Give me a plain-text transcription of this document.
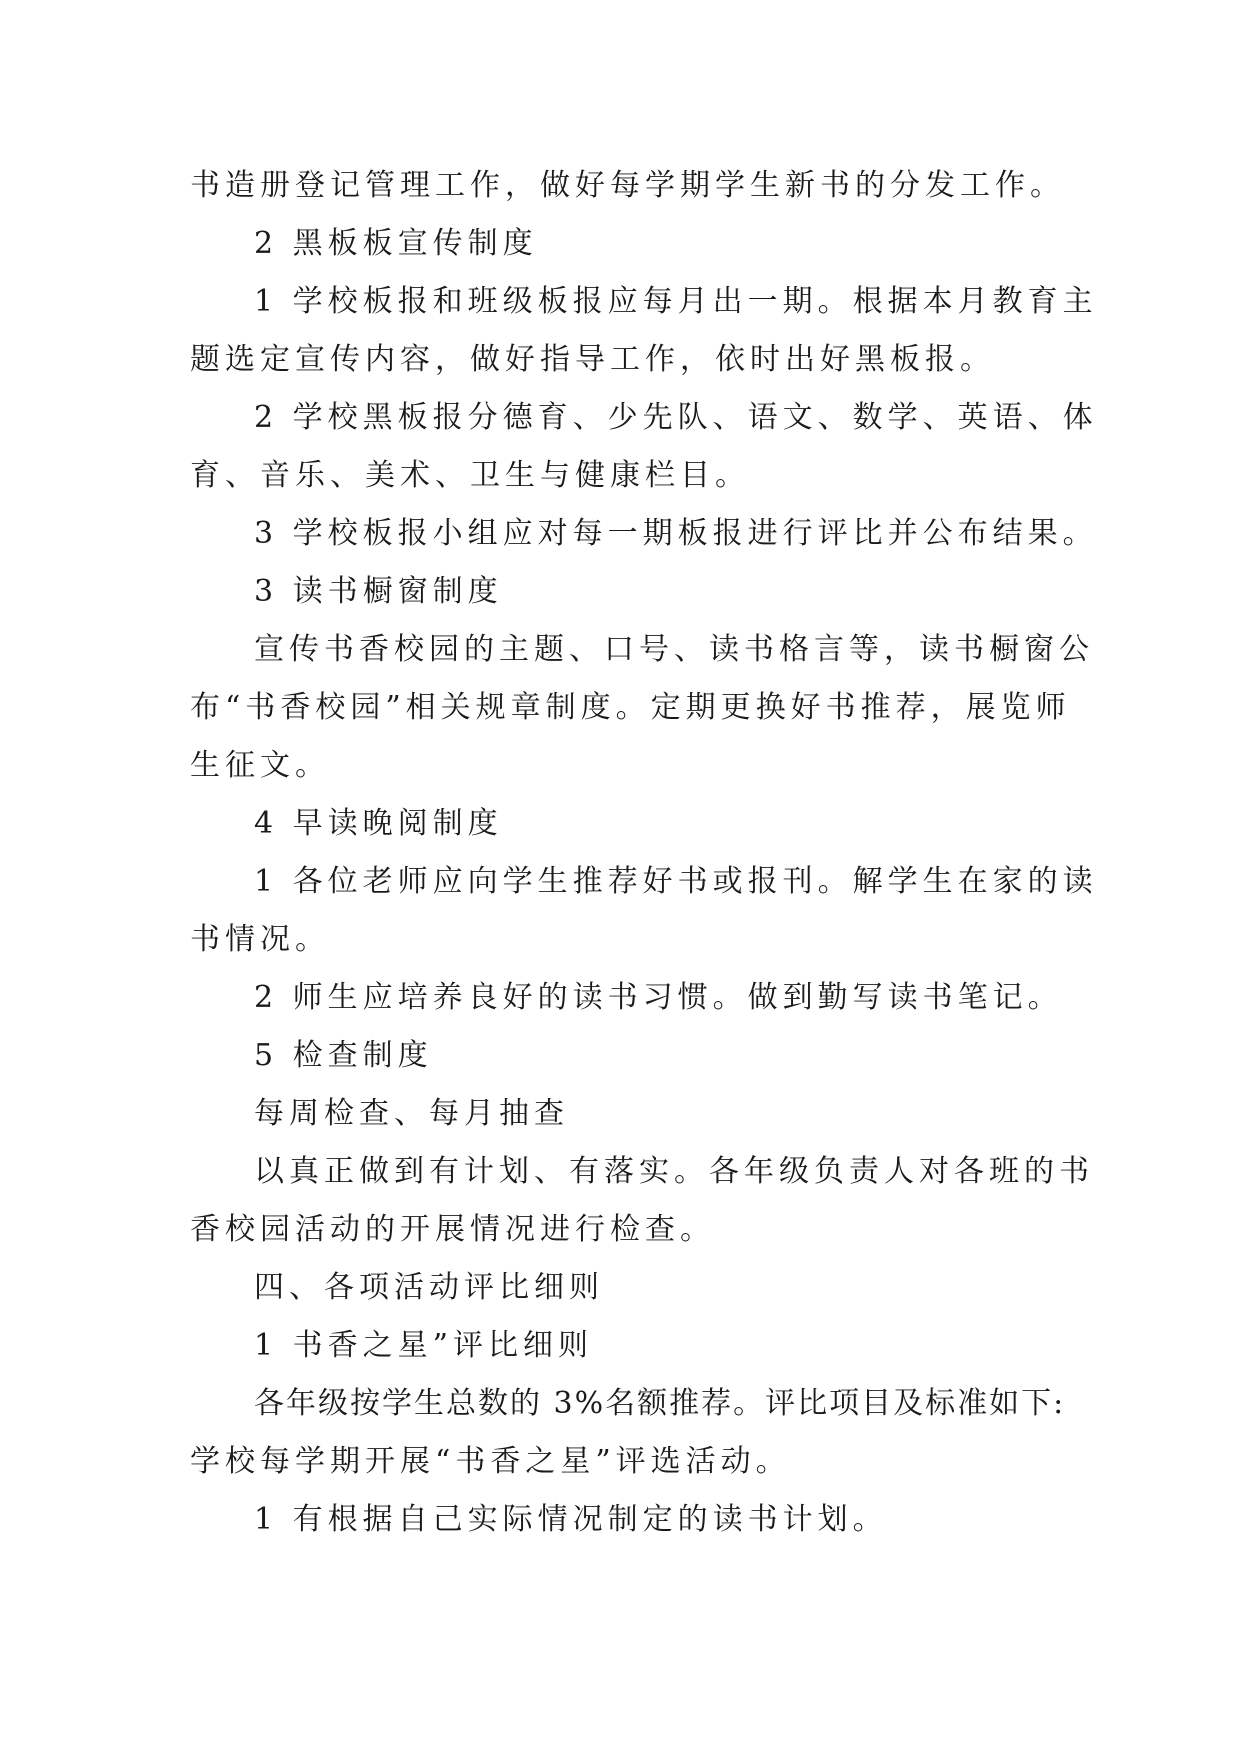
书造册登记管理工作，做好每学期学生新书的分发工作。

2 黑板板宣传制度

1 学校板报和班级板报应每月出一期。根据本月教育主

题选定宣传内容，做好指导工作，依时出好黑板报。

2 学校黑板报分德育、少先队、语文、数学、英语、体

育、音乐、美术、卫生与健康栏目。

3 学校板报小组应对每一期板报进行评比并公布结果。

3 读书橱窗制度

宣传书香校园的主题、口号、读书格言等，读书橱窗公

布“书香校园”相关规章制度。定期更换好书推荐，展览师

生征文。

4 早读晚阅制度

1 各位老师应向学生推荐好书或报刊。解学生在家的读

书情况。

2 师生应培养良好的读书习惯。做到勤写读书笔记。

5 检查制度

每周检查、每月抽查

以真正做到有计划、有落实。各年级负责人对各班的书

香校园活动的开展情况进行检查。

四、各项活动评比细则

1 书香之星”评比细则

各年级按学生总数的 3%名额推荐。评比项目及标准如下:

学校每学期开展“书香之星”评选活动。

1 有根据自己实际情况制定的读书计划。
